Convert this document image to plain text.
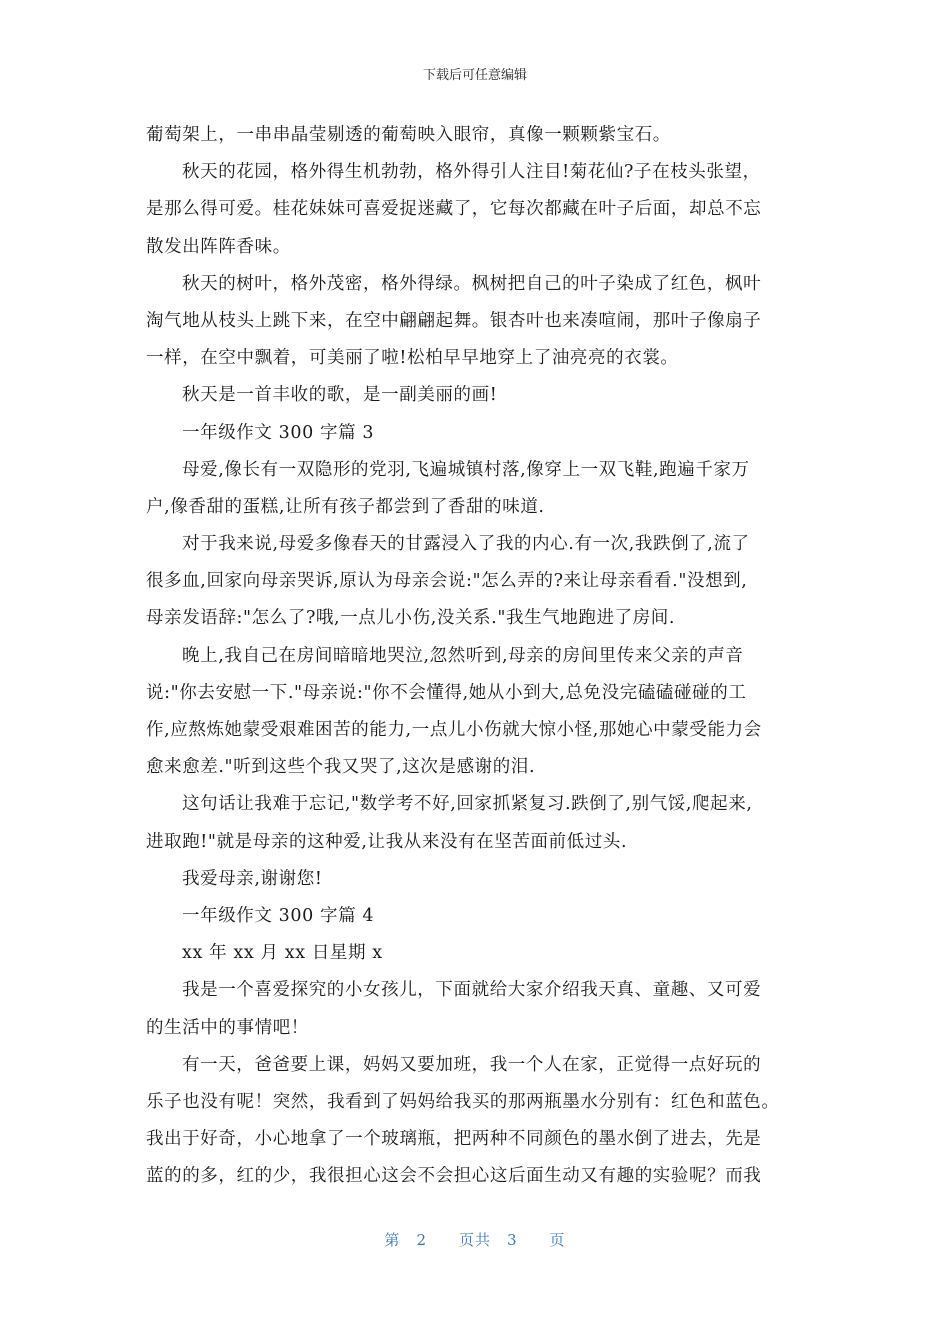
下载后可任意编辑
葡萄架上，一串串晶莹剔透的葡萄映入眼帘，真像一颗颗紫宝石。
秋天的花园，格外得生机勃勃，格外得引人注目!菊花仙?子在枝头张望，
是那么得可爱。桂花妹妹可喜爱捉迷藏了，它每次都藏在叶子后面，却总不忘
散发出阵阵香味。
秋天的树叶，格外茂密，格外得绿。枫树把自己的叶子染成了红色，枫叶
淘气地从枝头上跳下来，在空中翩翩起舞。银杏叶也来凑喧闹，那叶子像扇子
一样，在空中飘着，可美丽了啦!松柏早早地穿上了油亮亮的衣裳。
秋天是一首丰收的歌，是一副美丽的画!
一年级作文 300 字篇 3
母爱,像长有一双隐形的党羽,飞遍城镇村落,像穿上一双飞鞋,跑遍千家万
户,像香甜的蛋糕,让所有孩子都尝到了香甜的味道.
对于我来说,母爱多像春天的甘露浸入了我的内心.有一次,我跌倒了,流了
很多血,回家向母亲哭诉,原认为母亲会说:"怎么弄的?来让母亲看看."没想到,
母亲发语辞:"怎么了?哦,一点儿小伤,没关系."我生气地跑进了房间.
晚上,我自己在房间暗暗地哭泣,忽然听到,母亲的房间里传来父亲的声音
说:"你去安慰一下."母亲说:"你不会懂得,她从小到大,总免没完磕磕碰碰的工
作,应熬炼她蒙受艰难困苦的能力,一点儿小伤就大惊小怪,那她心中蒙受能力会
愈来愈差."听到这些个我又哭了,这次是感谢的泪.
这句话让我难于忘记,"数学考不好,回家抓紧复习.跌倒了,别气馁,爬起来,
进取跑!"就是母亲的这种爱,让我从来没有在坚苦面前低过头.
我爱母亲,谢谢您!
一年级作文 300 字篇 4
xx 年 xx 月 xx 日星期 x
我是一个喜爱探究的小女孩儿，下面就给大家介绍我天真、童趣、又可爱
的生活中的事情吧！
有一天，爸爸要上课，妈妈又要加班，我一个人在家，正觉得一点好玩的
乐子也没有呢！突然，我看到了妈妈给我买的那两瓶墨水分别有：红色和蓝色。
我出于好奇，小心地拿了一个玻璃瓶，把两种不同颜色的墨水倒了进去，先是
蓝的的多，红的少，我很担心这会不会担心这后面生动又有趣的实验呢？而我
第 2 页共 3 页
